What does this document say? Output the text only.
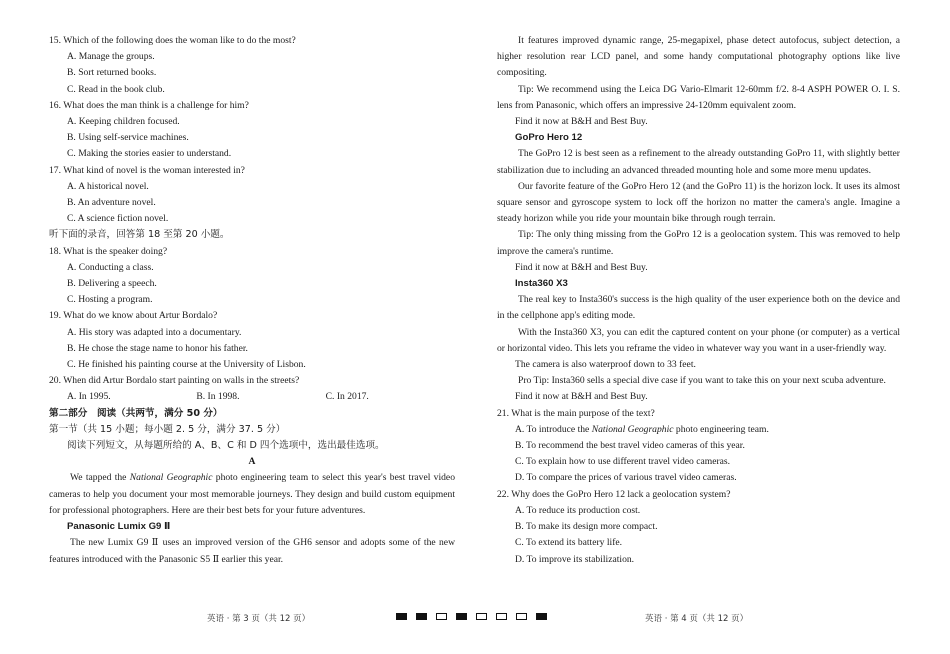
15. Which of the following does the woman like to do the most?
A. Manage the groups.
B. Sort returned books.
C. Read in the book club.
16. What does the man think is a challenge for him?
A. Keeping children focused.
B. Using self-service machines.
C. Making the stories easier to understand.
17. What kind of novel is the woman interested in?
A. A historical novel.
B. An adventure novel.
C. A science fiction novel.
听下面的录音，回答第 18 至第 20 小题。
18. What is the speaker doing?
A. Conducting a class.
B. Delivering a speech.
C. Hosting a program.
19. What do we know about Artur Bordalo?
A. His story was adapted into a documentary.
B. He chose the stage name to honor his father.
C. He finished his painting course at the University of Lisbon.
20. When did Artur Bordalo start painting on walls in the streets?
A. In 1995.	B. In 1998.	C. In 2017.
第二部分　阅读（共两节，满分 50 分）
第一节（共 15 小题；每小题 2. 5 分，满分 37. 5 分）
阅读下列短文，从每题所给的 A、B、C 和 D 四个选项中，选出最佳选项。
A
We tapped the National Geographic photo engineering team to select this year's best travel video cameras to help you document your most memorable journeys. They design and build custom equipment for professional photographers. Here are their best bets for your future adventures.
Panasonic Lumix G9 Ⅱ
The new Lumix G9 Ⅱ uses an improved version of the GH6 sensor and adopts some of the new features introduced with the Panasonic S5 Ⅱ earlier this year.
It features improved dynamic range, 25-megapixel, phase detect autofocus, subject detection, a higher resolution rear LCD panel, and some handy computational photography options like live compositing.
Tip: We recommend using the Leica DG Vario-Elmarit 12-60mm f/2. 8-4 ASPH POWER O. I. S. lens from Panasonic, which offers an impressive 24-120mm equivalent zoom.
Find it now at B&H and Best Buy.
GoPro Hero 12
The GoPro 12 is best seen as a refinement to the already outstanding GoPro 11, with slightly better stabilization due to including an advanced threaded mounting hole and some more menu updates.
Our favorite feature of the GoPro Hero 12 (and the GoPro 11) is the horizon lock. It uses its almost square sensor and gyroscope system to lock off the horizon no matter the camera's angle. Imagine a steady horizon while you ride your mountain bike through rough terrain.
Tip: The only thing missing from the GoPro 12 is a geolocation system. This was removed to help improve the camera's runtime.
Find it now at B&H and Best Buy.
Insta360 X3
The real key to Insta360's success is the high quality of the user experience both on the device and in the cellphone app's editing mode.
With the Insta360 X3, you can edit the captured content on your phone (or computer) as a vertical or horizontal video. This lets you reframe the video in whatever way you want in a user-friendly way.
The camera is also waterproof down to 33 feet.
Pro Tip: Insta360 sells a special dive case if you want to take this on your next scuba adventure.
Find it now at B&H and Best Buy.
21. What is the main purpose of the text?
A. To introduce the National Geographic photo engineering team.
B. To recommend the best travel video cameras of this year.
C. To explain how to use different travel video cameras.
D. To compare the prices of various travel video cameras.
22. Why does the GoPro Hero 12 lack a geolocation system?
A. To reduce its production cost.
B. To make its design more compact.
C. To extend its battery life.
D. To improve its stabilization.
英语 · 第 3 页（共 12 页）	英语 · 第 4 页（共 12 页）
